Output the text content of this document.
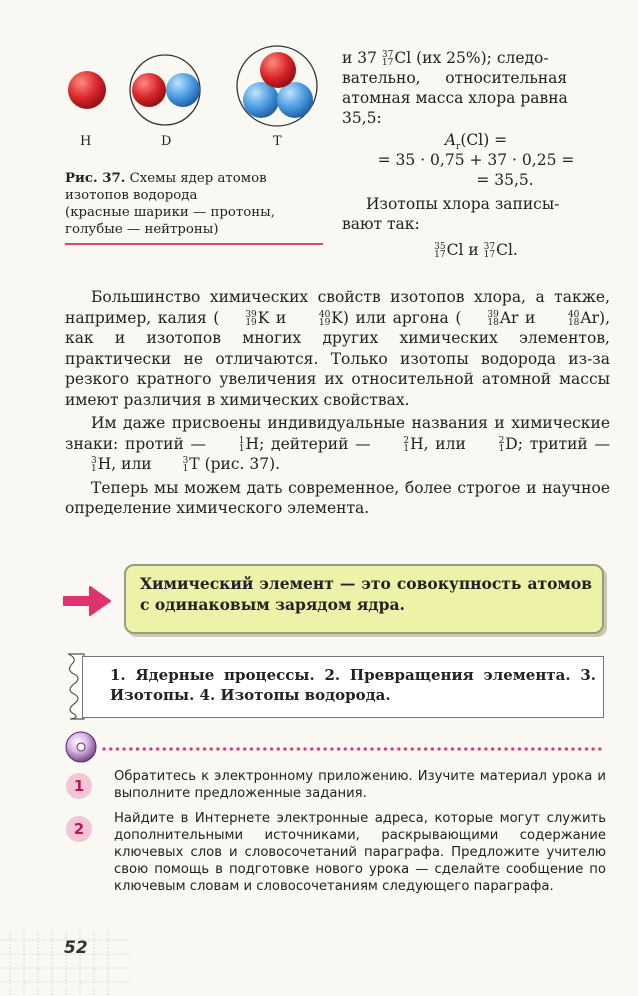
H	D	T
Рис. 37. Схемы ядер атомов
изотопов водорода
(красные шарики — протоны,
голубые — нейтроны)
и 37 37
17 Cl (их 25%); следо-
вательно,     относительная
атомная масса хлора равна
35,5:
$A_r(Cl)$ =
= 35 · 0,75 + 37 · 0,25 =
= 35,5.
Изотопы хлора записы-
вают так:
35
17 Cl и 37
17 Cl.

Большинство химических свойств изотопов хлора, а также, например, калия (	39
19 K и	40
19 K) или аргона (	39
18 Ar и	40
18 Ar), как и изотопов многих других химических элементов, практически не отличаются. Только изотопы водорода из-за резкого кратного увеличения их относительной атомной массы имеют различия в химических свойствах.

Им даже присвоены индивидуальные названия и химические знаки: протий —	1
1 H; дейтерий —	2
1 H, или	2
1 D; тритий —
3
1 H, или	3
1 T (рис. 37).

Теперь мы можем дать современное, более строгое и научное определение химического элемента.

Химический элемент — это совокупность атомов с одинаковым зарядом ядра.
1. Ядерные процессы. 2. Превращения элемента. 3. Изотопы. 4. Изотопы водорода.
1
Обратитесь к электронному приложению. Изучите материал урока и выполните предложенные задания.
2
Найдите в Интернете электронные адреса, которые могут служить дополнительными источниками, раскрывающими содержание ключевых слов и словосочетаний параграфа. Предложите учителю свою помощь в подготовке нового урока — сделайте сообщение по ключевым словам и словосочетаниям следующего параграфа.
52
